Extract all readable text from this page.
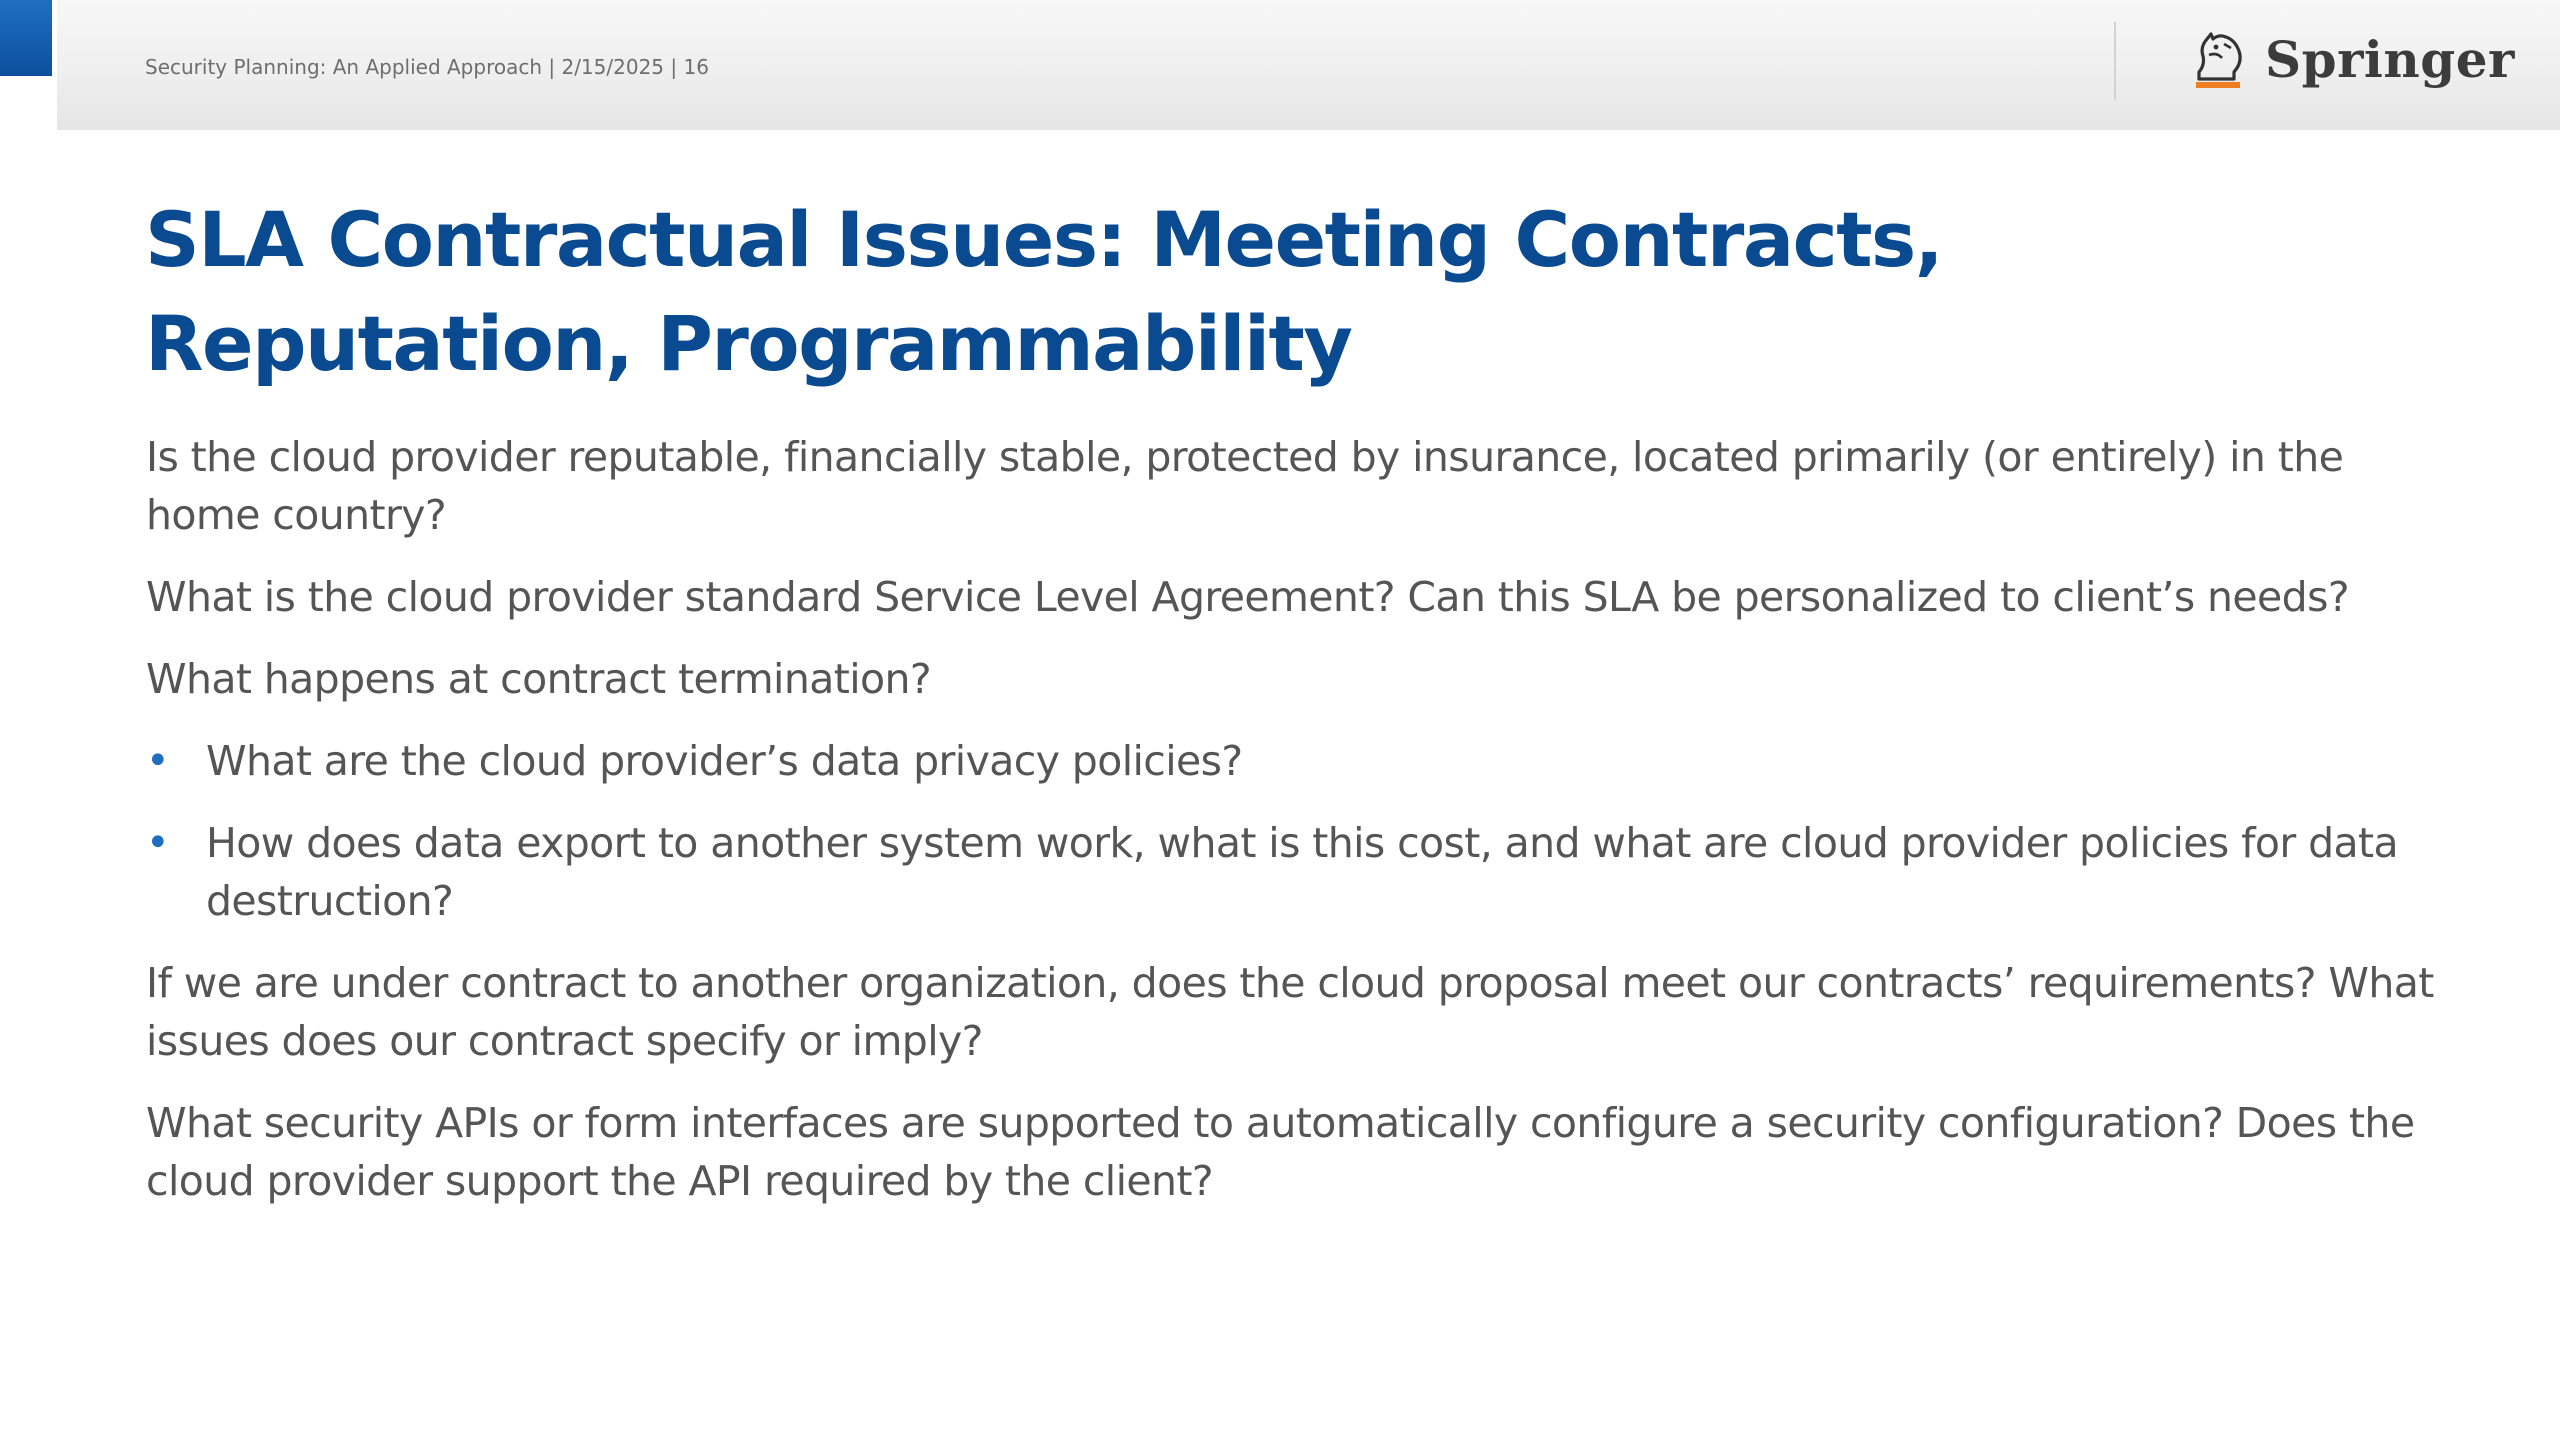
Security Planning: An Applied Approach | 2/15/2025 | 16	Springer
SLA Contractual Issues: Meeting Contracts, Reputation, Programmability
Is the cloud provider reputable, financially stable, protected by insurance, located primarily (or entirely) in the home country?
What is the cloud provider standard Service Level Agreement? Can this SLA be personalized to client’s needs?
What happens at contract termination?
• What are the cloud provider’s data privacy policies?
• How does data export to another system work, what is this cost, and what are cloud provider policies for data destruction?
If we are under contract to another organization, does the cloud proposal meet our contracts’ requirements? What issues does our contract specify or imply?
What security APIs or form interfaces are supported to automatically configure a security configuration? Does the cloud provider support the API required by the client?
